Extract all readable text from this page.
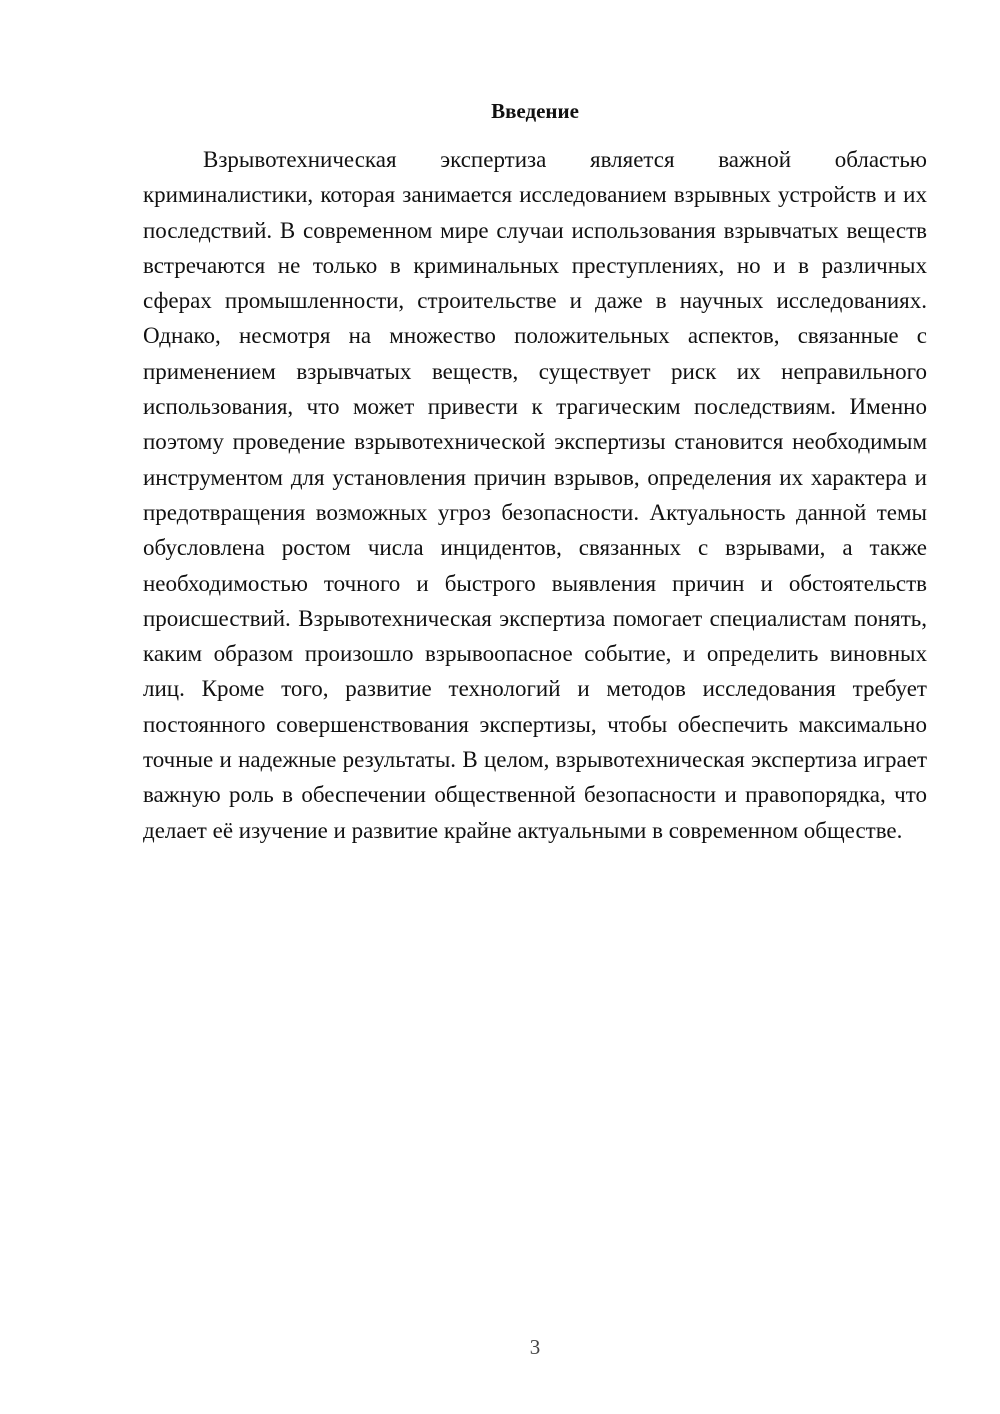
Введение

Взрывотехническая экспертиза является важной областью криминалистики, которая занимается исследованием взрывных устройств и их последствий. В современном мире случаи использования взрывчатых веществ встречаются не только в криминальных преступлениях, но и в различных сферах промышленности, строительстве и даже в научных исследованиях. Однако, несмотря на множество положительных аспектов, связанные с применением взрывчатых веществ, существует риск их неправильного использования, что может привести к трагическим последствиям. Именно поэтому проведение взрывотехнической экспертизы становится необходимым инструментом для установления причин взрывов, определения их характера и предотвращения возможных угроз безопасности. Актуальность данной темы обусловлена ростом числа инцидентов, связанных с взрывами, а также необходимостью точного и быстрого выявления причин и обстоятельств происшествий. Взрывотехническая экспертиза помогает специалистам понять, каким образом произошло взрывоопасное событие, и определить виновных лиц. Кроме того, развитие технологий и методов исследования требует постоянного совершенствования экспертизы, чтобы обеспечить максимально точные и надежные результаты. В целом, взрывотехническая экспертиза играет важную роль в обеспечении общественной безопасности и правопорядка, что делает её изучение и развитие крайне актуальными в современном обществе.

3
